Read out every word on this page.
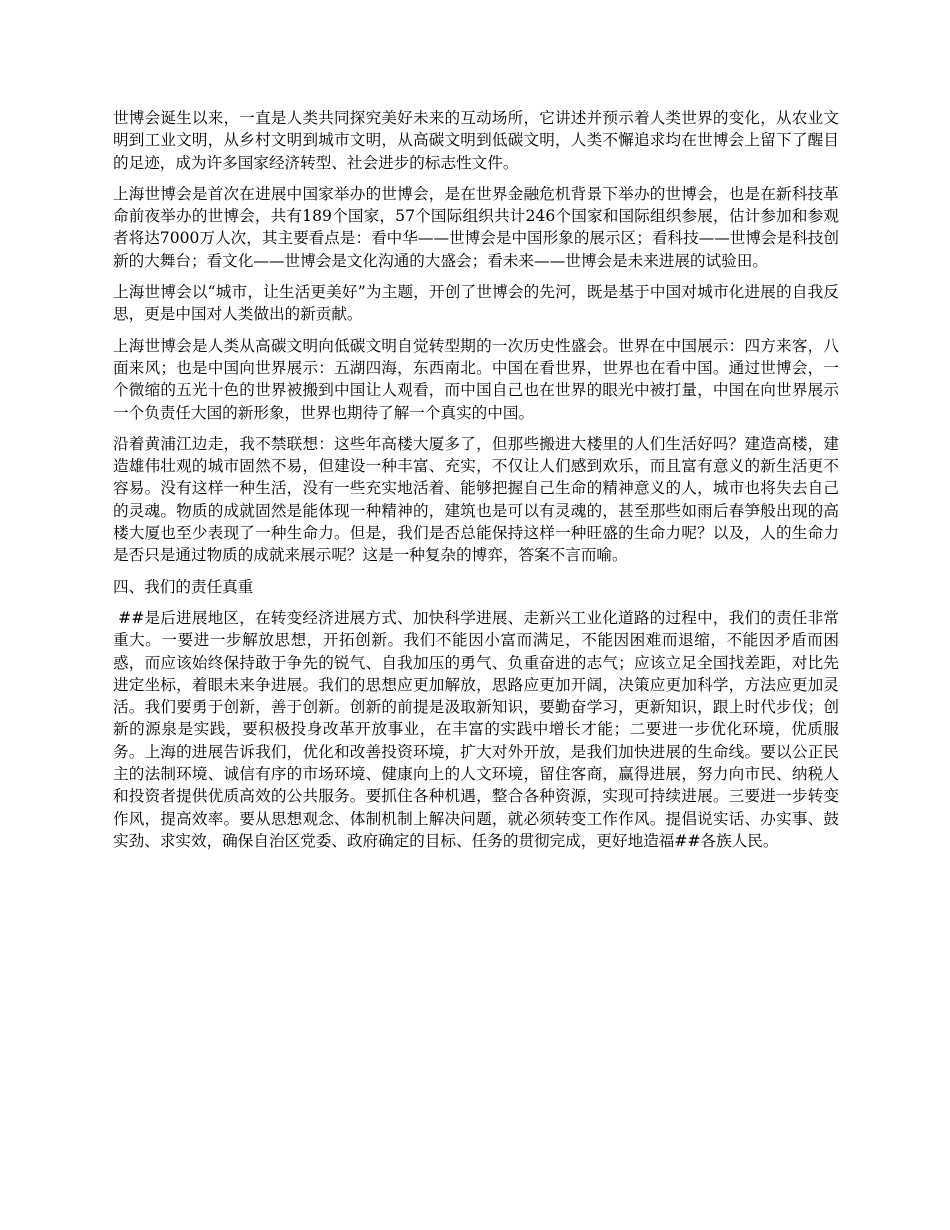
世博会诞生以来，一直是人类共同探究美好未来的互动场所，它讲述并预示着人类世界的变化，从农业文明到工业文明，从乡村文明到城市文明，从高碳文明到低碳文明，人类不懈追求均在世博会上留下了醒目的足迹，成为许多国家经济转型、社会进步的标志性文件。

上海世博会是首次在进展中国家举办的世博会，是在世界金融危机背景下举办的世博会，也是在新科技革命前夜举办的世博会，共有189个国家，57个国际组织共计246个国家和国际组织参展，估计参加和参观者将达7000万人次，其主要看点是：看中华——世博会是中国形象的展示区；看科技——世博会是科技创新的大舞台；看文化——世博会是文化沟通的大盛会；看未来——世博会是未来进展的试验田。

上海世博会以“城市，让生活更美好”为主题，开创了世博会的先河，既是基于中国对城市化进展的自我反思，更是中国对人类做出的新贡献。

上海世博会是人类从高碳文明向低碳文明自觉转型期的一次历史性盛会。世界在中国展示：四方来客，八面来风；也是中国向世界展示：五湖四海，东西南北。中国在看世界，世界也在看中国。通过世博会，一个微缩的五光十色的世界被搬到中国让人观看，而中国自己也在世界的眼光中被打量，中国在向世界展示一个负责任大国的新形象，世界也期待了解一个真实的中国。

沿着黄浦江边走，我不禁联想：这些年高楼大厦多了，但那些搬进大楼里的人们生活好吗？建造高楼，建造雄伟壮观的城市固然不易，但建设一种丰富、充实，不仅让人们感到欢乐，而且富有意义的新生活更不容易。没有这样一种生活，没有一些充实地活着、能够把握自己生命的精神意义的人，城市也将失去自己的灵魂。物质的成就固然是能体现一种精神的，建筑也是可以有灵魂的，甚至那些如雨后春笋般出现的高楼大厦也至少表现了一种生命力。但是，我们是否总能保持这样一种旺盛的生命力呢？以及，人的生命力是否只是通过物质的成就来展示呢？这是一种复杂的博弈，答案不言而喻。

四、我们的责任真重

##是后进展地区，在转变经济进展方式、加快科学进展、走新兴工业化道路的过程中，我们的责任非常重大。一要进一步解放思想，开拓创新。我们不能因小富而满足，不能因困难而退缩，不能因矛盾而困惑，而应该始终保持敢于争先的锐气、自我加压的勇气、负重奋进的志气；应该立足全国找差距，对比先进定坐标，着眼未来争进展。我们的思想应更加解放，思路应更加开阔，决策应更加科学，方法应更加灵活。我们要勇于创新，善于创新。创新的前提是汲取新知识，要勤奋学习，更新知识，跟上时代步伐；创新的源泉是实践，要积极投身改革开放事业，在丰富的实践中增长才能；二要进一步优化环境，优质服务。上海的进展告诉我们，优化和改善投资环境，扩大对外开放，是我们加快进展的生命线。要以公正民主的法制环境、诚信有序的市场环境、健康向上的人文环境，留住客商，赢得进展，努力向市民、纳税人和投资者提供优质高效的公共服务。要抓住各种机遇，整合各种资源，实现可持续进展。三要进一步转变作风，提高效率。要从思想观念、体制机制上解决问题，就必须转变工作作风。提倡说实话、办实事、鼓实劲、求实效，确保自治区党委、政府确定的目标、任务的贯彻完成，更好地造福##各族人民。
